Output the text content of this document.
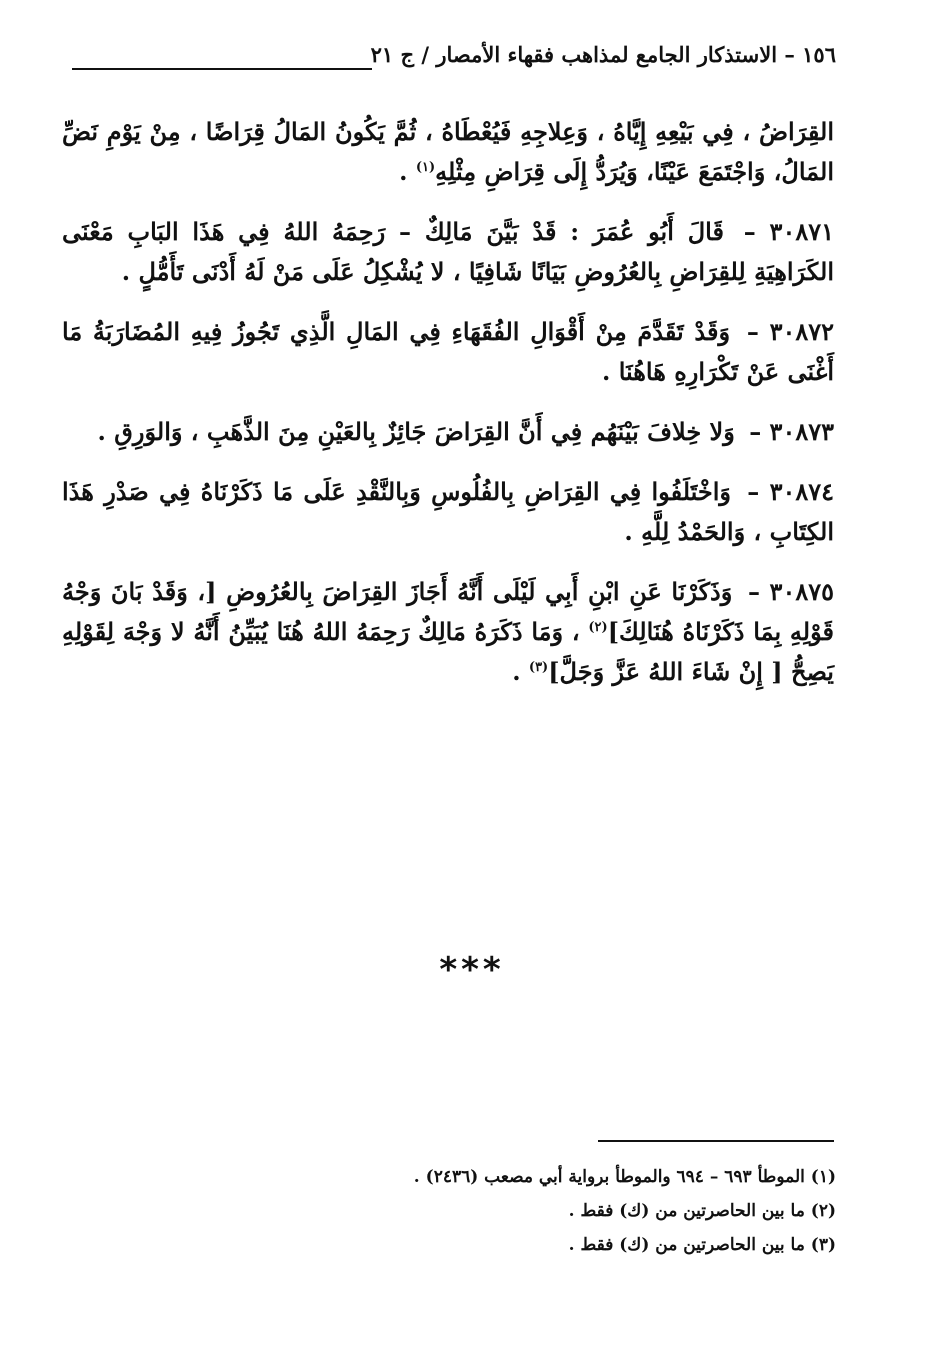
١٥٦ – الاستذكار الجامع لمذاهب فقهاء الأمصار / ج ٢١

القِرَاضُ ، فِي بَيْعِهِ إِيَّاهُ ، وَعِلاجِهِ فَيُعْطَاهُ ، ثُمَّ يَكُونُ المَالُ قِرَاضًا ، مِنْ يَوْمِ نَضِّ المَالُ، وَاجْتَمَعَ عَيْنًا، وَيُرَدُّ إِلَى قِرَاضِ مِثْلِهِ$^{(١)}$ .

٣٠٨٧١ – قَالَ أَبُو عُمَرَ : قَدْ بَيَّنَ مَالِكٌ – رَحِمَهُ اللهُ فِي هَذَا البَابِ مَعْنَى الكَرَاهِيَةِ لِلقِرَاضِ بِالعُرُوضِ بَيَانًا شَافِيًا ، لا يُشْكِلُ عَلَى مَنْ لَهُ أَدْنَى تَأَمُّلٍ .

٣٠٨٧٢ – وَقَدْ تَقَدَّمَ مِنْ أَقْوَالِ الفُقَهَاءِ فِي المَالِ الَّذِي تَجُوزُ فِيهِ المُضَارَبَةُ مَا أَغْنَى عَنْ تَكْرَارِهِ هَاهُنَا .

٣٠٨٧٣ – وَلا خِلافَ بَيْنَهُم فِي أَنَّ القِرَاضَ جَائِزٌ بِالعَيْنِ مِنَ الذَّهَبِ ، وَالوَرِقِ .

٣٠٨٧٤ – وَاخْتَلَفُوا فِي القِرَاضِ بِالفُلُوسِ وَبِالنَّقْدِ عَلَى مَا ذَكَرْنَاهُ فِي صَدْرِ هَذَا الكِتَابِ ، وَالحَمْدُ لِلَّهِ .

٣٠٨٧٥ – وَذَكَرْنَا عَنِ ابْنِ أَبِي لَيْلَى أَنَّهُ أَجَازَ القِرَاضَ بِالعُرُوضِ [، وَقَدْ بَانَ وَجْهُ قَوْلِهِ بِمَا ذَكَرْنَاهُ هُنَالِكَ]$^{(٢)}$ ، وَمَا ذَكَرَهُ مَالِكٌ رَحِمَهُ اللهُ هُنَا يُبَيِّنُ أَنَّهُ لا وَجْهَ لِقَوْلِهِ يَصِحُّ [ إِنْ شَاءَ اللهُ عَزَّ وَجَلَّ]$^{(٣)}$ .

***
(١) الموطأ ٦٩٣ – ٦٩٤ والموطأ برواية أبي مصعب (٢٤٣٦) .
(٢) ما بين الحاصرتين من (ك) فقط .
(٣) ما بين الحاصرتين من (ك) فقط .
